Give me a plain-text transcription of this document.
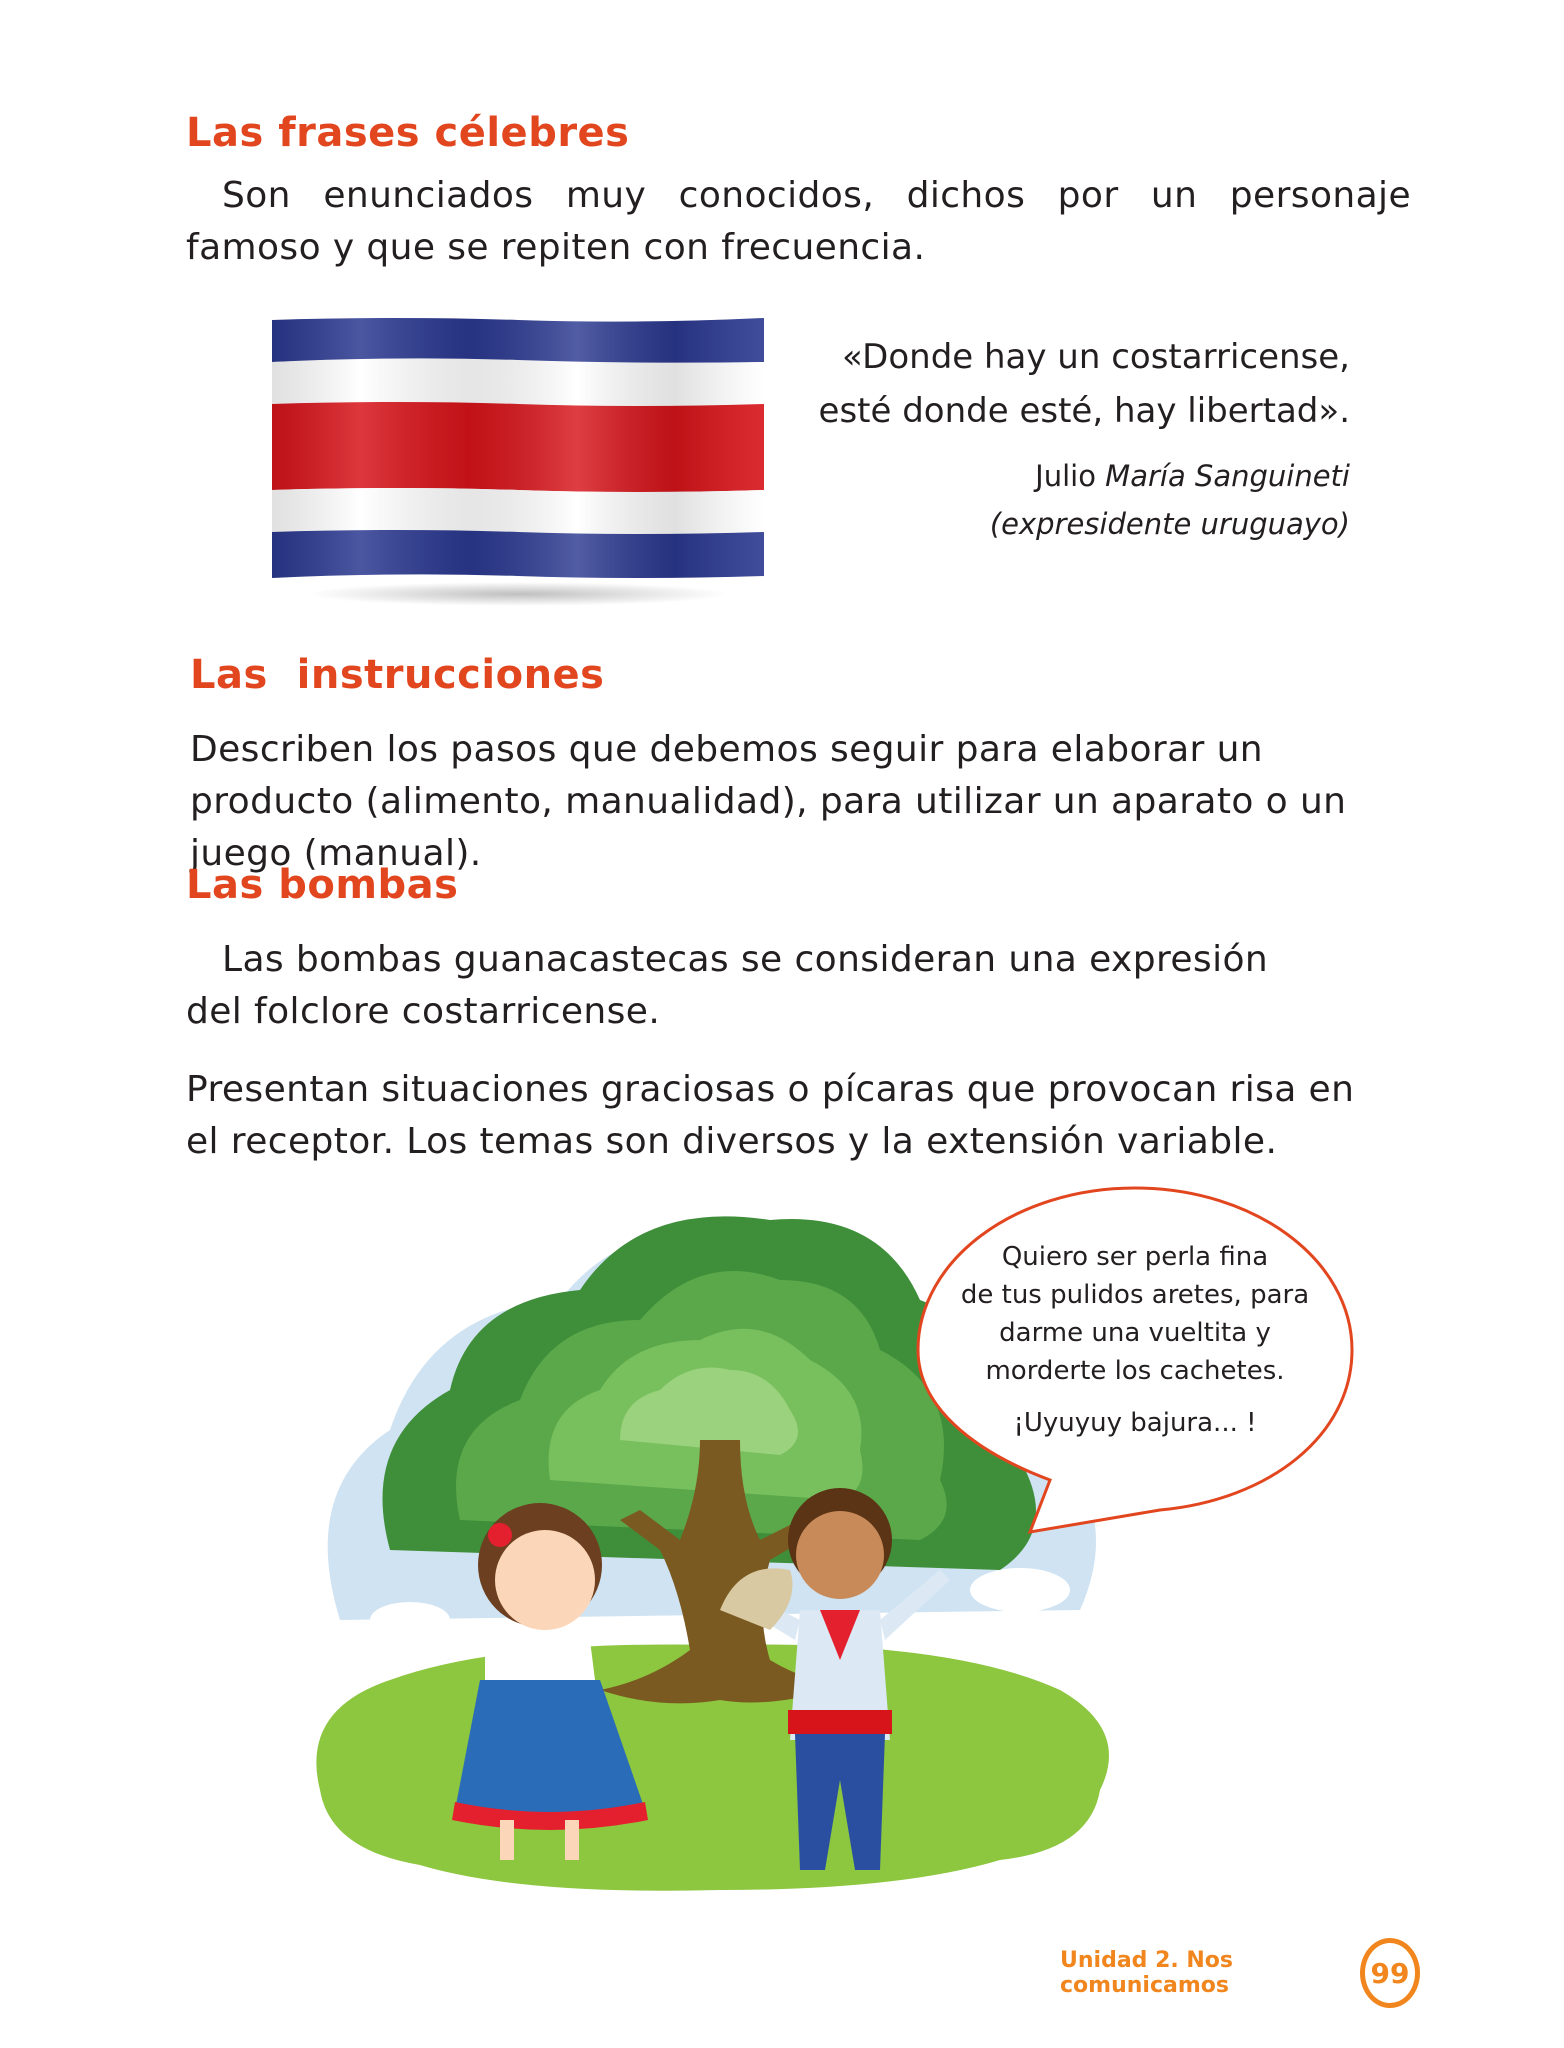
Las frases célebres

Son enunciados muy conocidos, dichos por un personaje famoso y que se repiten con frecuencia.

«Donde hay un costarricense,
esté donde esté, hay libertad».
Julio María Sanguineti
(expresidente uruguayo)
Las  instrucciones

Describen los pasos que debemos seguir para elaborar un producto (alimento, manualidad), para utilizar un aparato o un juego (manual).

Las bombas

Las bombas guanacastecas se consideran una expresión del folclore costarricense.

Presentan situaciones graciosas o pícaras que provocan risa en el receptor. Los temas son diversos y la extensión variable.

Quiero ser perla fina
de tus pulidos aretes, para
darme una vueltita y
morderte los cachetes.
¡Uyuyuy bajura... !
Unidad 2. Nos comunicamos	99
